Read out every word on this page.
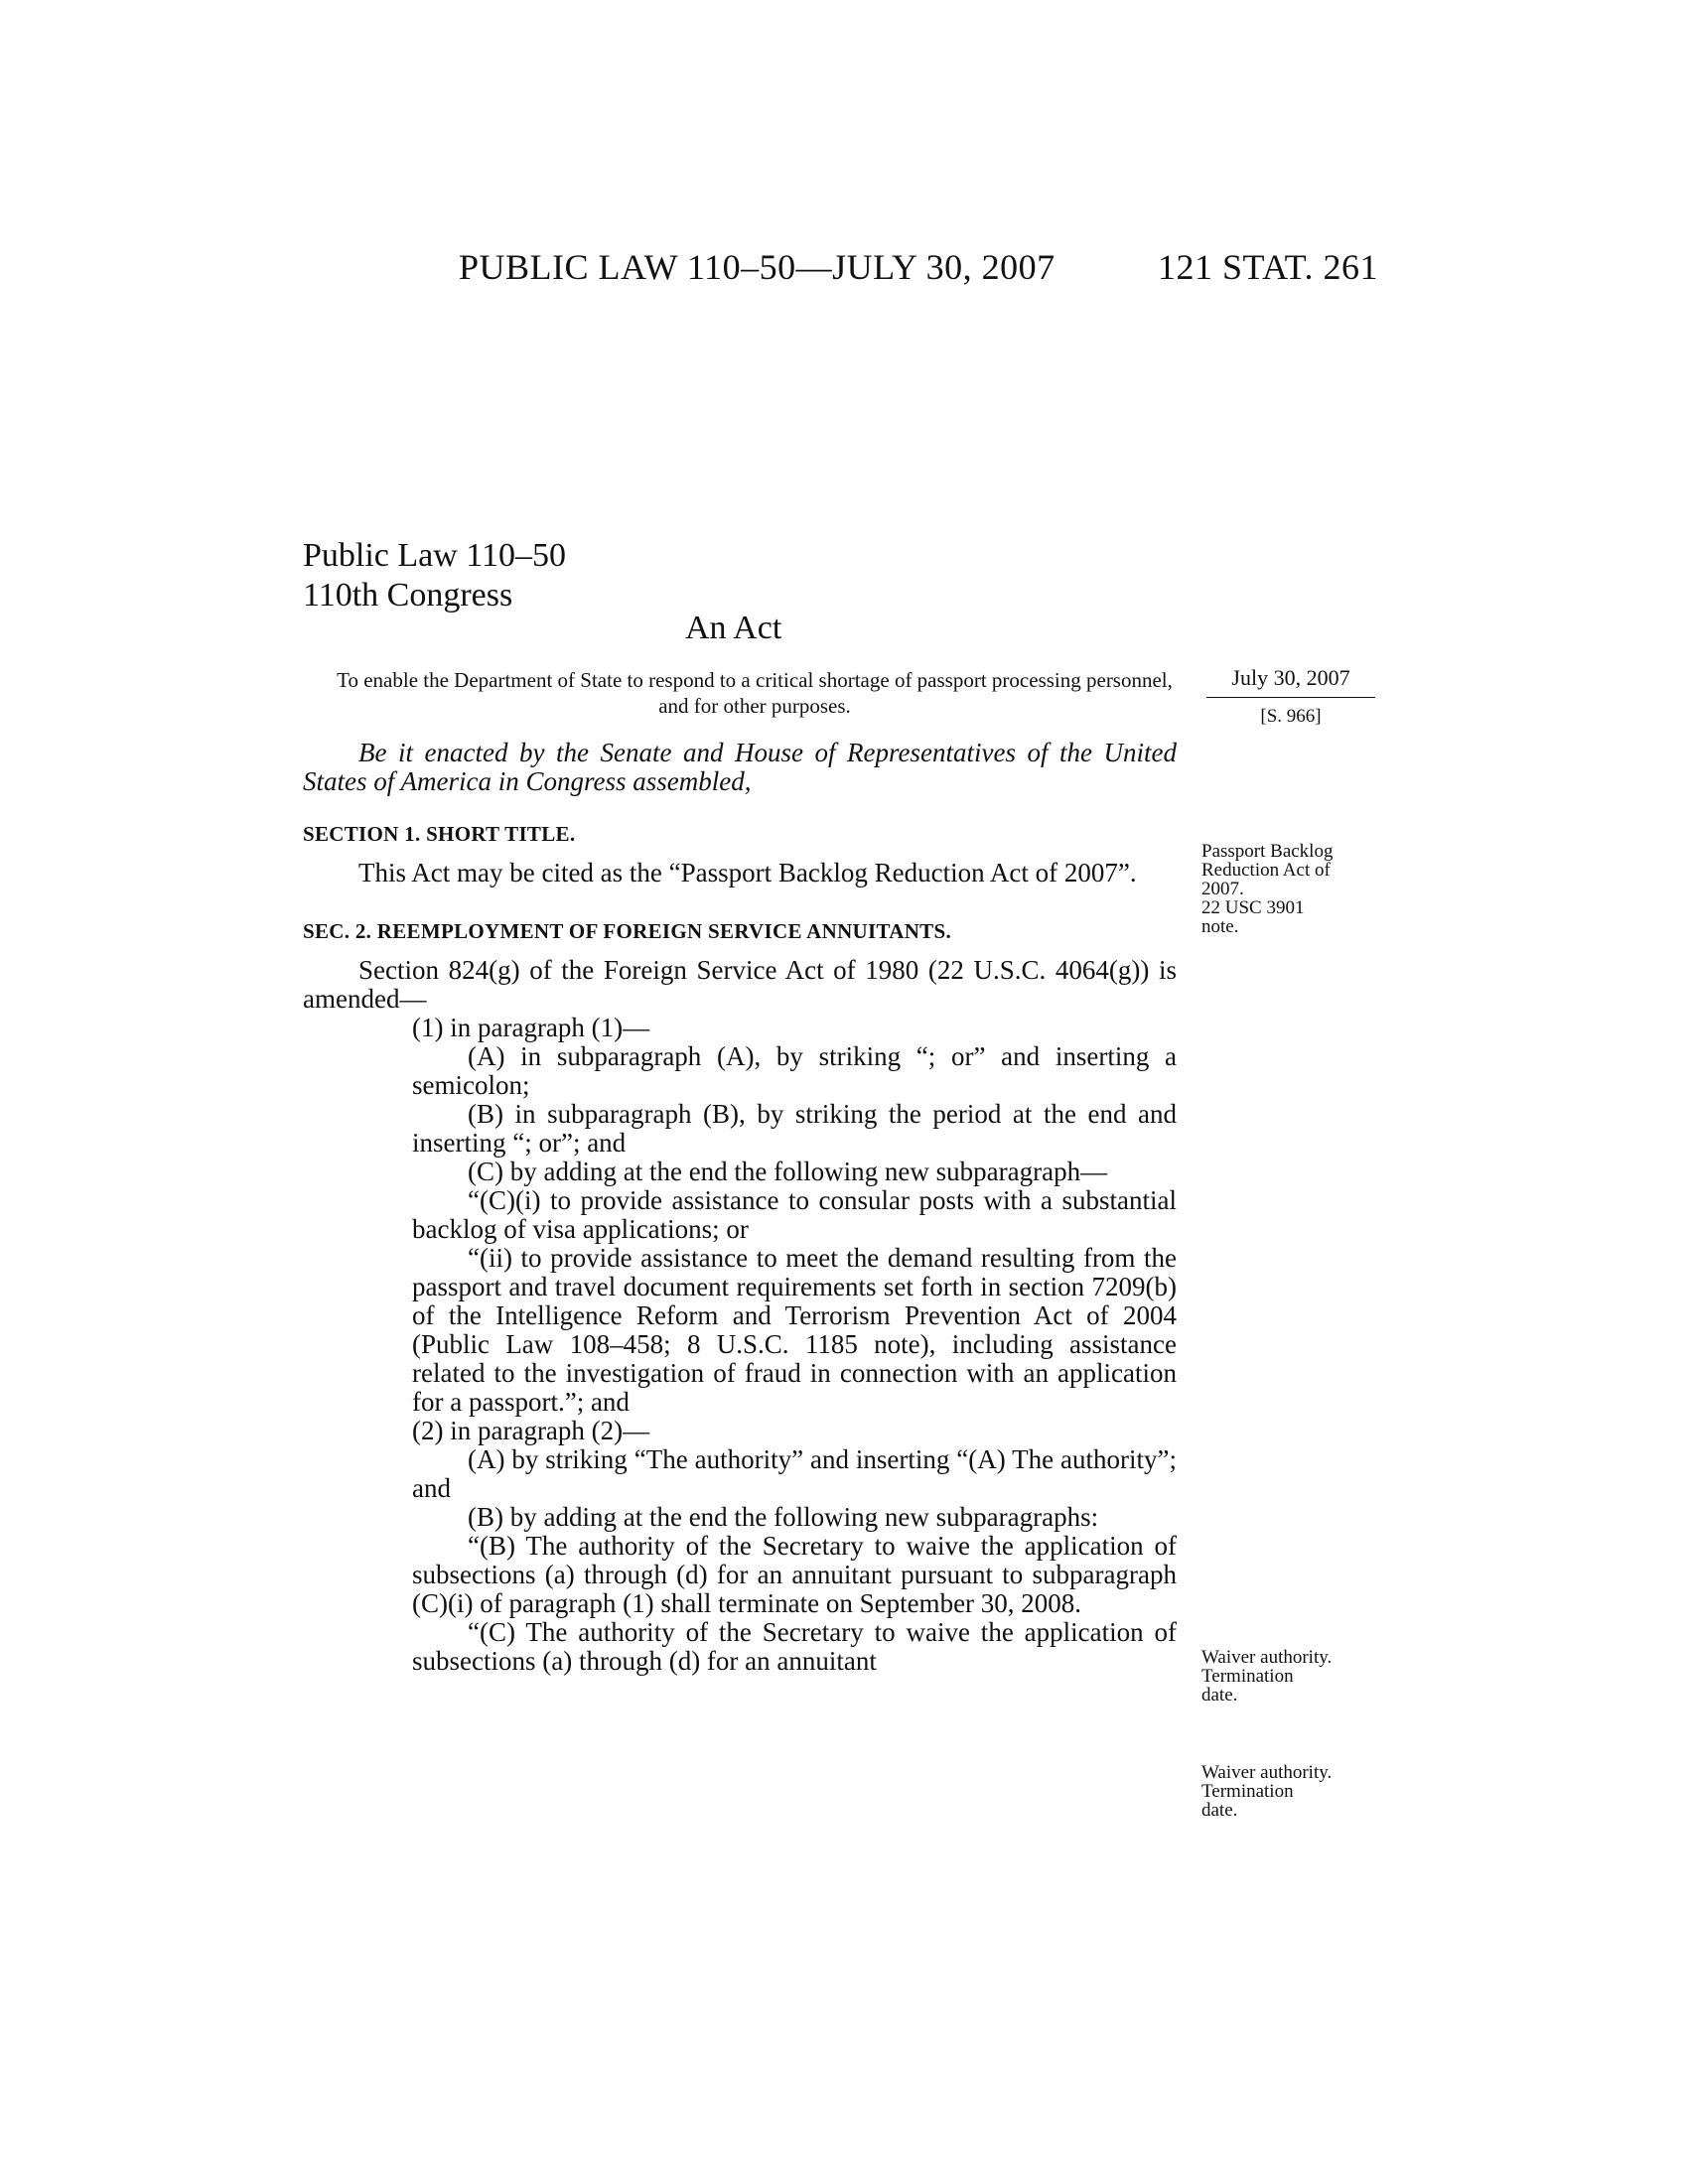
PUBLIC LAW 110–50—JULY 30, 2007	121 STAT. 261
Public Law 110–50
110th Congress
An Act
To enable the Department of State to respond to a critical shortage of passport processing personnel, and for other purposes.
July 30, 2007
[S. 966]

Be it enacted by the Senate and House of Representatives of the United States of America in Congress assembled,

SECTION 1. SHORT TITLE.

This Act may be cited as the “Passport Backlog Reduction Act of 2007”.

SEC. 2. REEMPLOYMENT OF FOREIGN SERVICE ANNUITANTS.

Section 824(g) of the Foreign Service Act of 1980 (22 U.S.C. 4064(g)) is amended—

(1) in paragraph (1)—

(A) in subparagraph (A), by striking “; or” and inserting a semicolon;

(B) in subparagraph (B), by striking the period at the end and inserting “; or”; and

(C) by adding at the end the following new subparagraph—

“(C)(i) to provide assistance to consular posts with a substantial backlog of visa applications; or

“(ii) to provide assistance to meet the demand resulting from the passport and travel document requirements set forth in section 7209(b) of the Intelligence Reform and Terrorism Prevention Act of 2004 (Public Law 108–458; 8 U.S.C. 1185 note), including assistance related to the investigation of fraud in connection with an application for a passport.”; and

(2) in paragraph (2)—

(A) by striking “The authority” and inserting “(A) The authority”; and

(B) by adding at the end the following new subparagraphs:

“(B) The authority of the Secretary to waive the application of subsections (a) through (d) for an annuitant pursuant to subparagraph (C)(i) of paragraph (1) shall terminate on September 30, 2008.

“(C) The authority of the Secretary to waive the application of subsections (a) through (d) for an annuitant

Passport Backlog
Reduction Act of
2007.
22 USC 3901
note.
Waiver authority.
Termination
date.
Waiver authority.
Termination
date.
